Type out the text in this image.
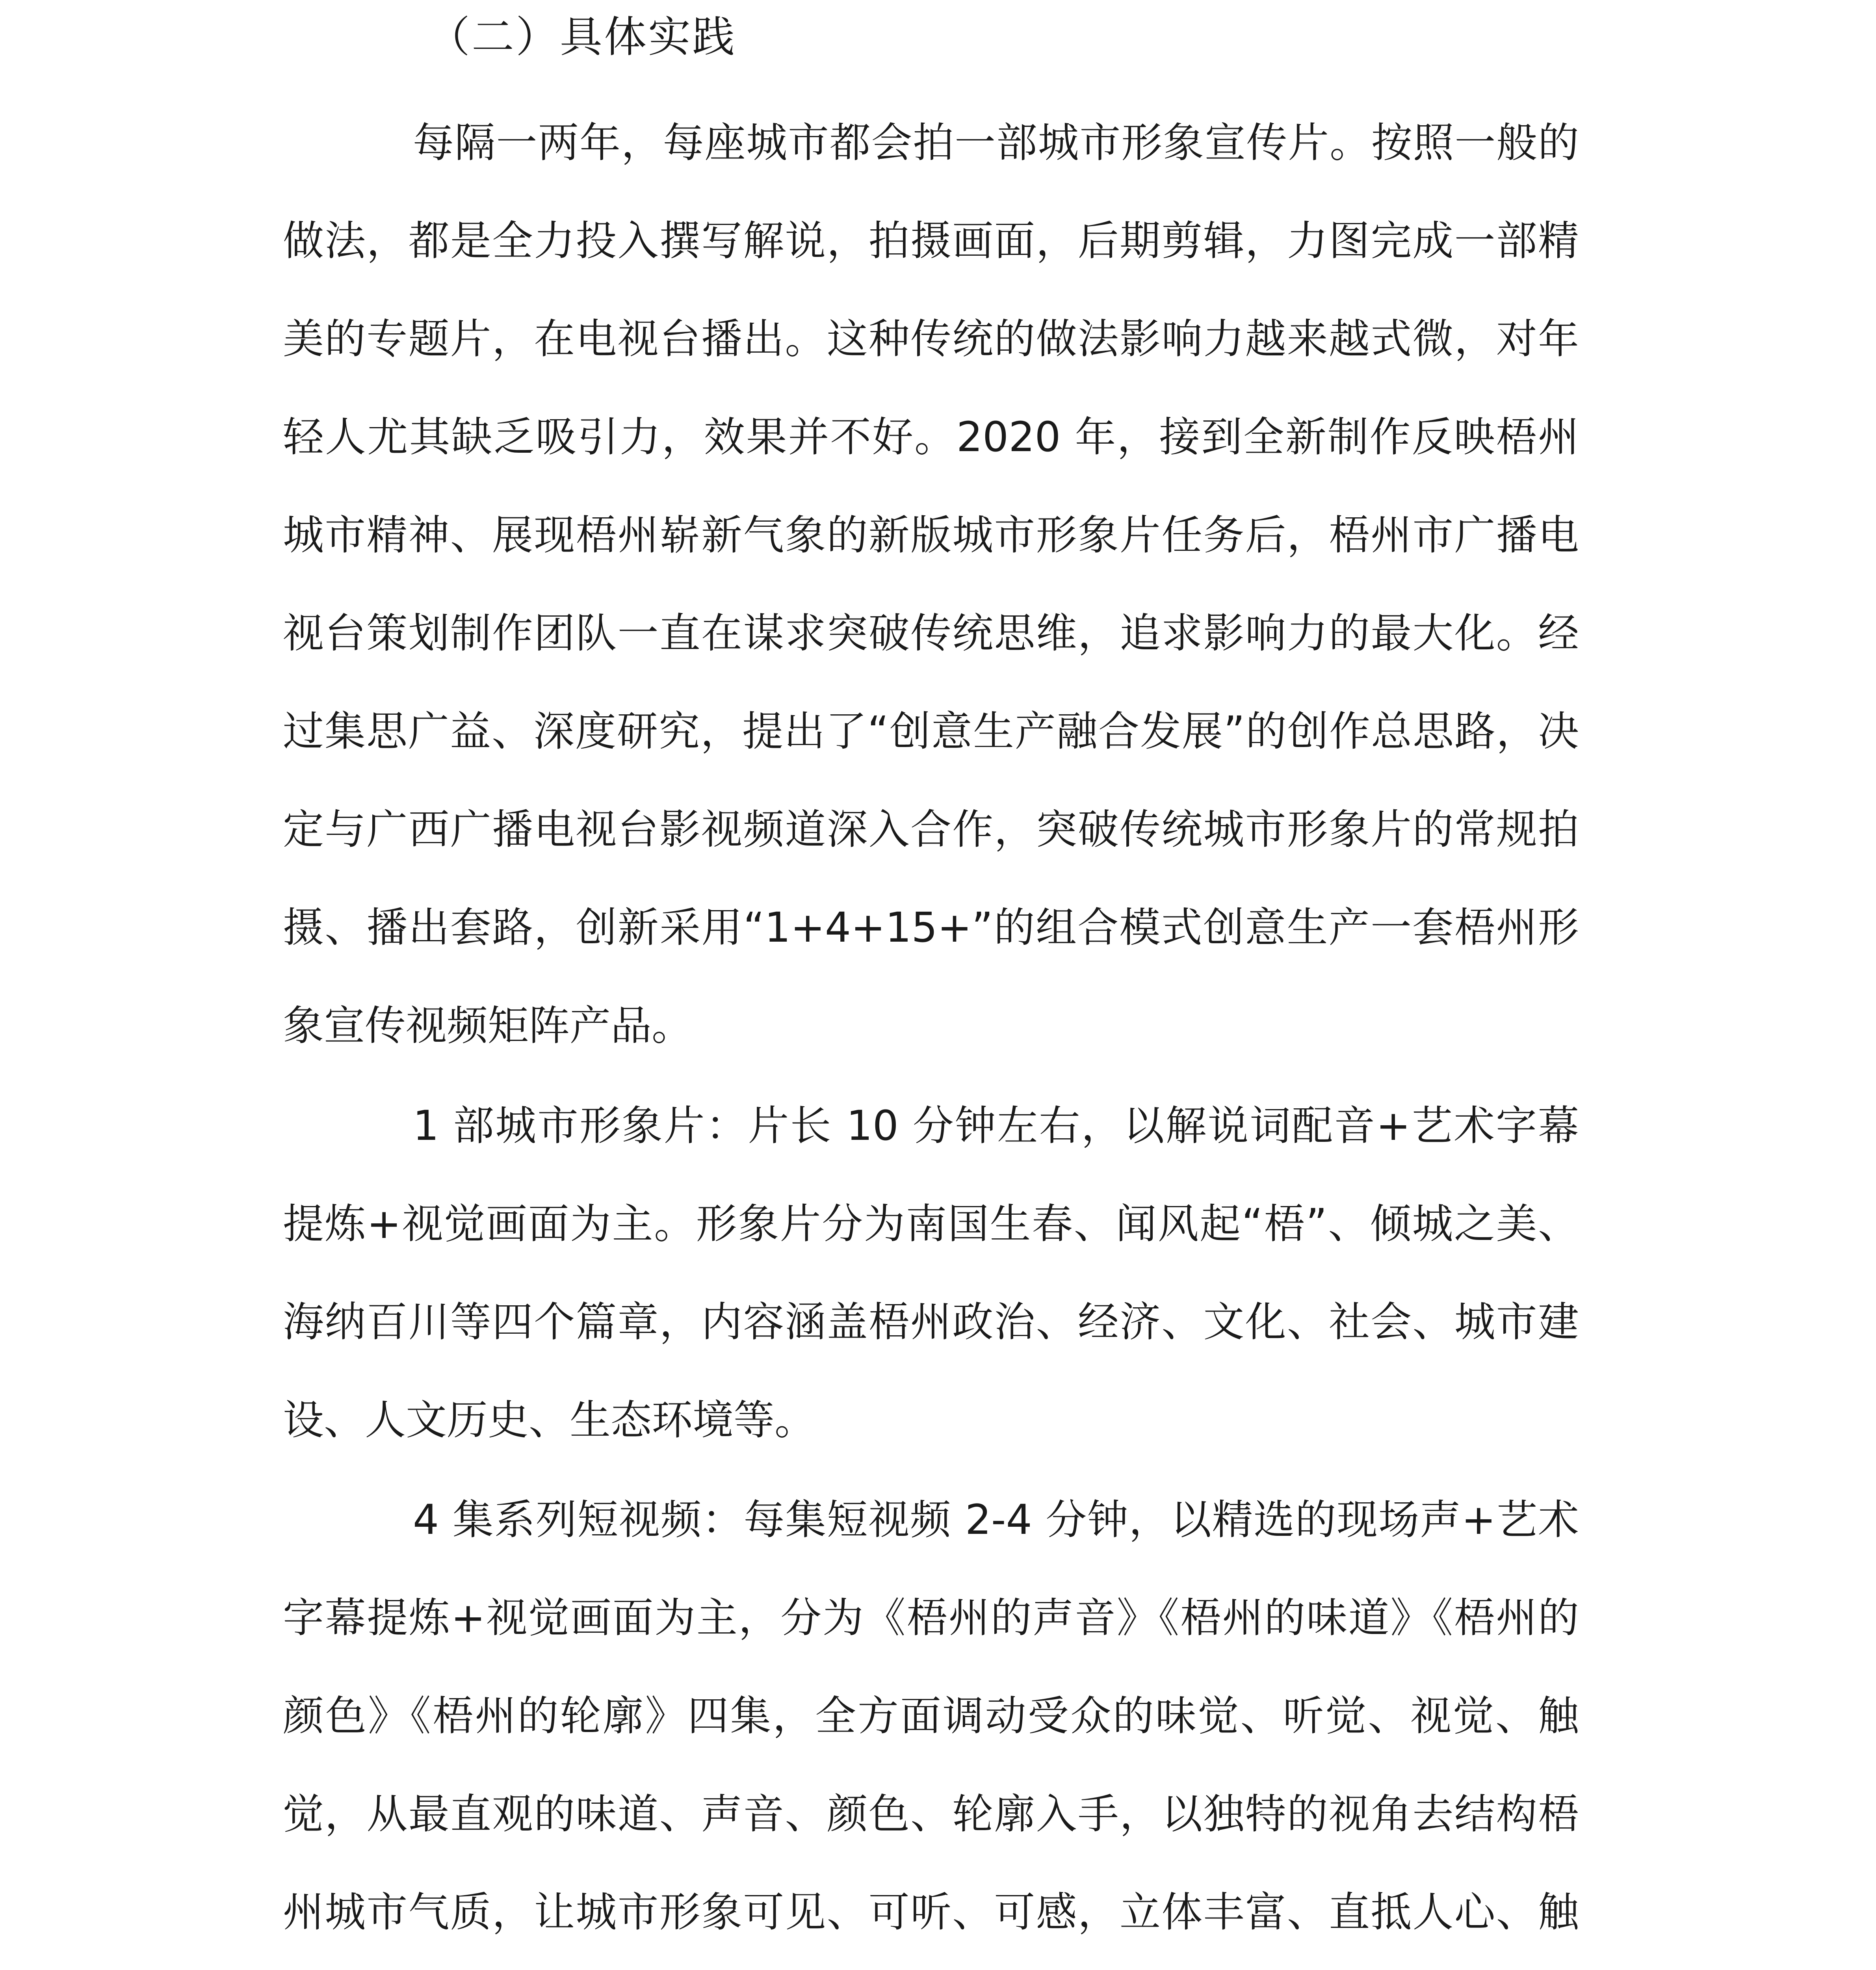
（二）具体实践

每隔一两年，每座城市都会拍一部城市形象宣传片。按照一般的做法，都是全力投入撰写解说，拍摄画面，后期剪辑，力图完成一部精美的专题片，在电视台播出。这种传统的做法影响力越来越式微，对年轻人尤其缺乏吸引力，效果并不好。2020 年，接到全新制作反映梧州城市精神、展现梧州崭新气象的新版城市形象片任务后，梧州市广播电视台策划制作团队一直在谋求突破传统思维，追求影响力的最大化。经过集思广益、深度研究，提出了“创意生产融合发展”的创作总思路，决定与广西广播电视台影视频道深入合作，突破传统城市形象片的常规拍摄、播出套路，创新采用“1+4+15+”的组合模式创意生产一套梧州形象宣传视频矩阵产品。

1 部城市形象片：片长 10 分钟左右，以解说词配音+艺术字幕提炼+视觉画面为主。形象片分为南国生春、闻风起“梧”、倾城之美、海纳百川等四个篇章，内容涵盖梧州政治、经济、文化、社会、城市建设、人文历史、生态环境等。

4 集系列短视频：每集短视频 2-4 分钟，以精选的现场声+艺术字幕提炼+视觉画面为主，分为《梧州的声音》《梧州的味道》《梧州的颜色》《梧州的轮廓》四集，全方面调动受众的味觉、听觉、视觉、触觉，从最直观的味道、声音、颜色、轮廓入手，以独特的视角去结构梧州城市气质，让城市形象可见、可听、可感，立体丰富、直抵人心、触
